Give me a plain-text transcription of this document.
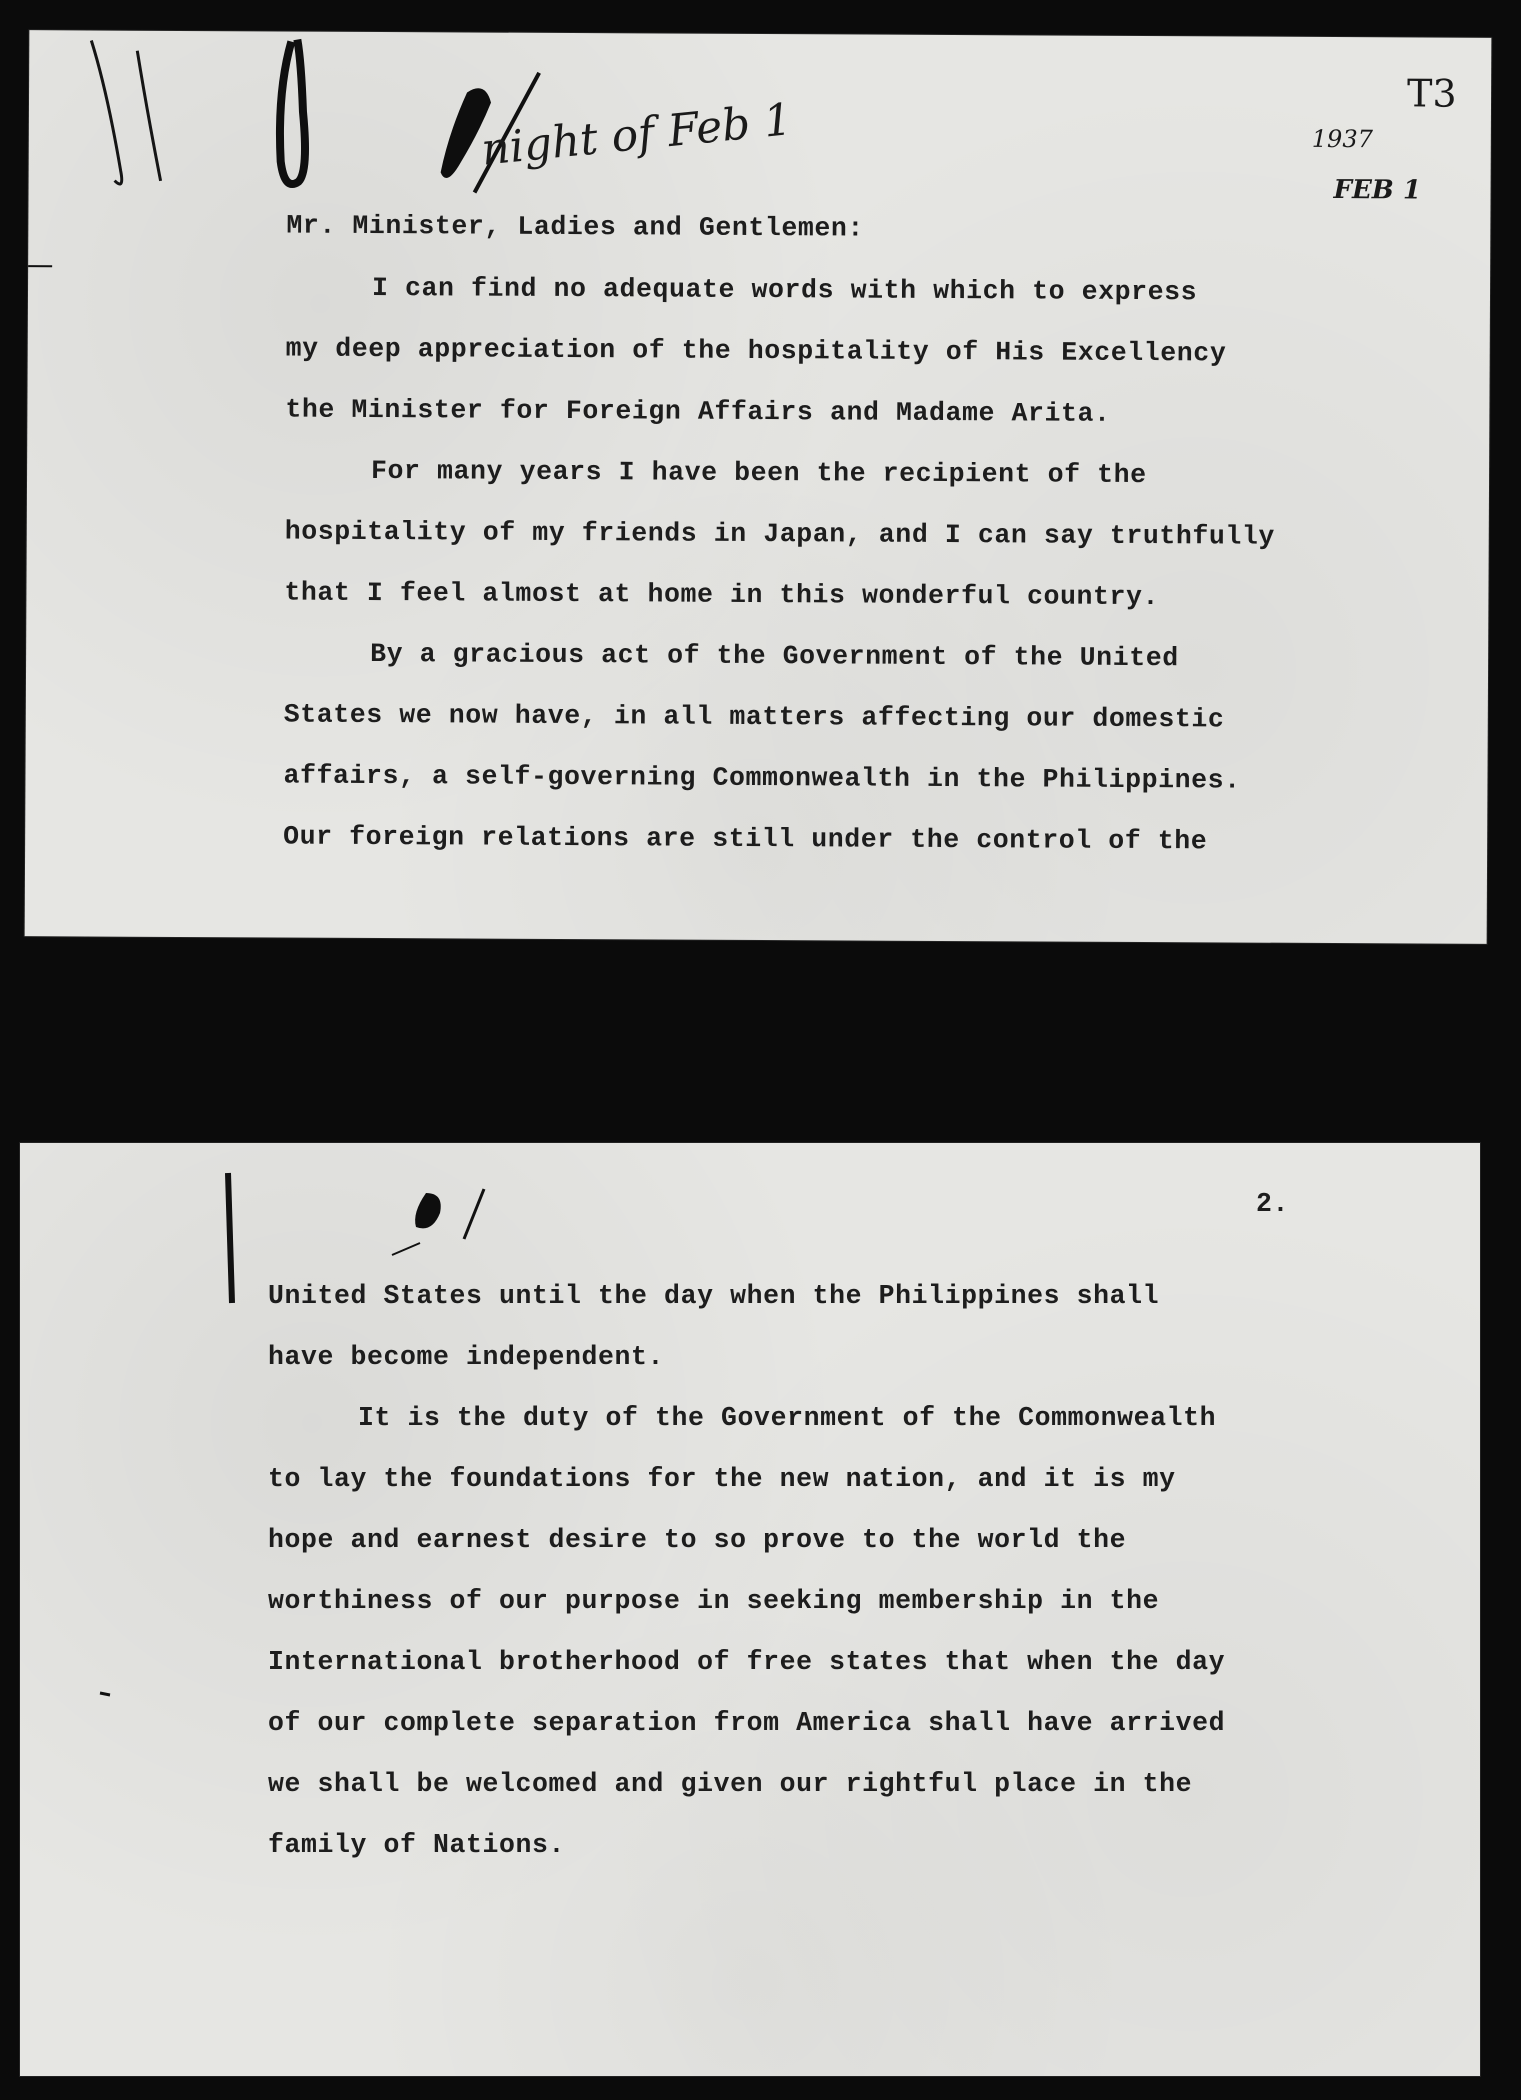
night of Feb 1
T3
1937
FEB 1
Mr. Minister, Ladies and Gentlemen:
I can find no adequate words with which to express
my deep appreciation of the hospitality of His Excellency
the Minister for Foreign Affairs and Madame Arita.
For many years I have been the recipient of the
hospitality of my friends in Japan, and I can say truthfully
that I feel almost at home in this wonderful country.
By a gracious act of the Government of the United
States we now have, in all matters affecting our domestic
affairs, a self-governing Commonwealth in the Philippines.
Our foreign relations are still under the control of the
2.
United States until the day when the Philippines shall
have become independent.
It is the duty of the Government of the Commonwealth
to lay the foundations for the new nation, and it is my
hope and earnest desire to so prove to the world the
worthiness of our purpose in seeking membership in the
International brotherhood of free states that when the day
of our complete separation from America shall have arrived
we shall be welcomed and given our rightful place in the
family of Nations.
